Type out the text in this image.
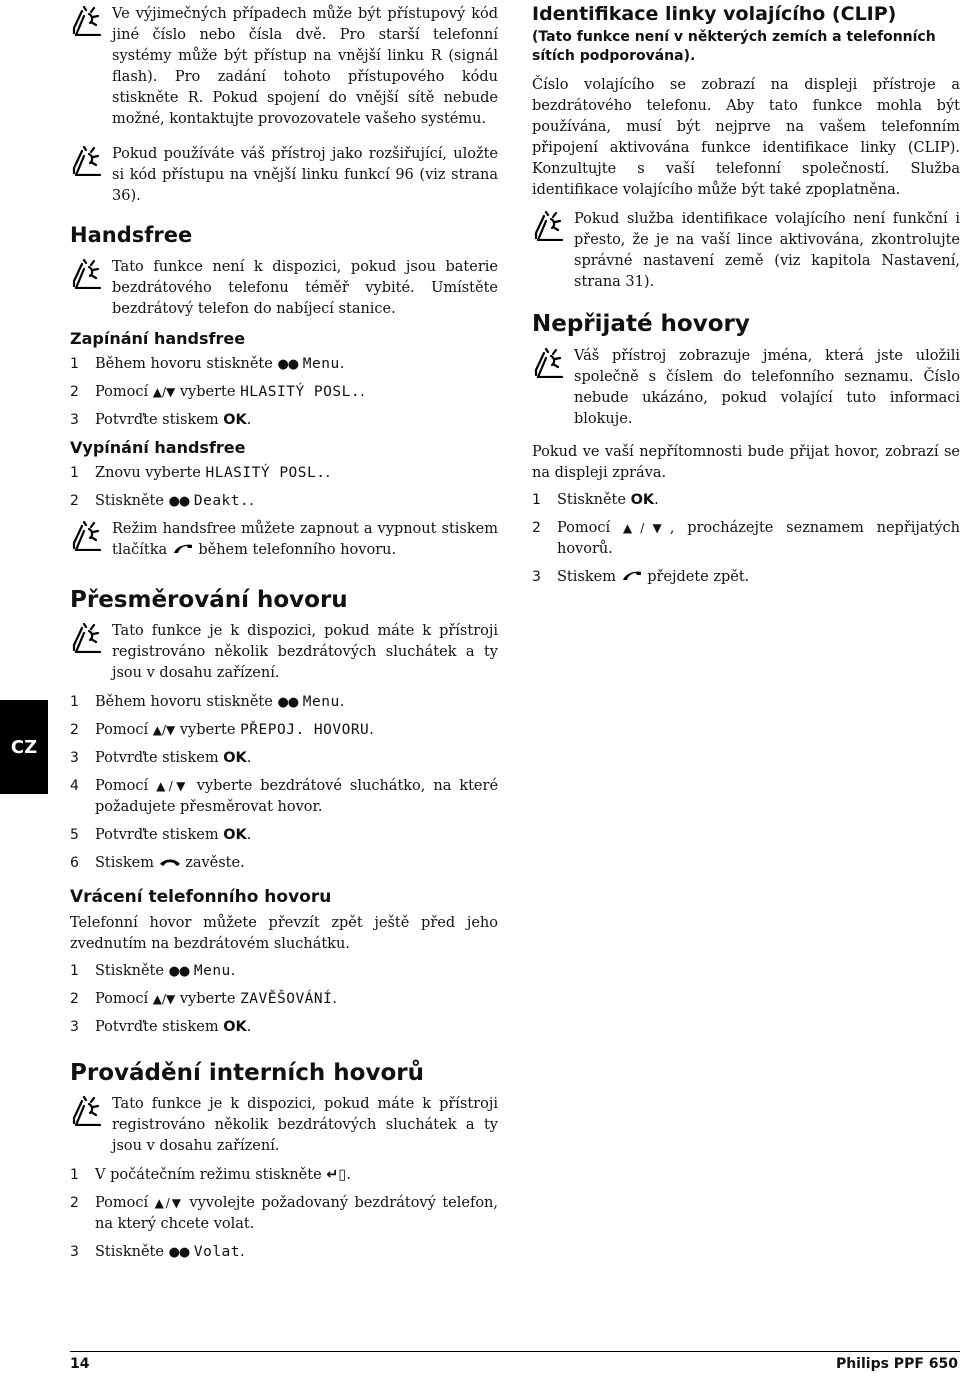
Ve výjimečných případech může být přístupový kód jiné číslo nebo čísla dvě. Pro starší telefonní systémy může být přístup na vnější linku R (signál flash). Pro zadání tohoto přístupového kódu stiskněte R. Pokud spojení do vnější sítě nebude možné, kontaktujte provozovatele vašeho systému.

Pokud používáte váš přístroj jako rozšiřující, uložte si kód přístupu na vnější linku funkcí 96 (viz strana 36).

Handsfree

Tato funkce není k dispozici, pokud jsou baterie bezdrátového telefonu téměř vybité. Umístěte bezdrátový telefon do nabíjecí stanice.

Zapínání handsfree
1 Během hovoru stiskněte ●● Menu.
2 Pomocí ▲/▼ vyberte HLASITÝ POSL..
3 Potvrďte stiskem OK.
Vypínání handsfree
1 Znovu vyberte HLASITÝ POSL..
2 Stiskněte ●● Deakt..

Režim handsfree můžete zapnout a vypnout stiskem tlačítka během telefonního hovoru.

Přesměrování hovoru

Tato funkce je k dispozici, pokud máte k přístroji registrováno několik bezdrátových sluchátek a ty jsou v dosahu zařízení.

1 Během hovoru stiskněte ●● Menu.
2 Pomocí ▲/▼ vyberte PŘEPOJ. HOVORU.
3 Potvrďte stiskem OK.
4 Pomocí ▲/▼ vyberte bezdrátové sluchátko, na které požadujete přesměrovat hovor.
5 Potvrďte stiskem OK.
6 Stiskem zavěste.
Vrácení telefonního hovoru

Telefonní hovor můžete převzít zpět ještě před jeho zvednutím na bezdrátovém sluchátku.

1 Stiskněte ●● Menu.
2 Pomocí ▲/▼ vyberte ZAVĚŠOVÁNÍ.
3 Potvrďte stiskem OK.
Provádění interních hovorů

Tato funkce je k dispozici, pokud máte k přístroji registrováno několik bezdrátových sluchátek a ty jsou v dosahu zařízení.

1 V počátečním režimu stiskněte ↵▯.
2 Pomocí ▲/▼ vyvolejte požadovaný bezdrátový telefon, na který chcete volat.
3 Stiskněte ●● Volat.
Identifikace linky volajícího (CLIP)

(Tato funkce není v některých zemích a telefonních sítích podporována).

Číslo volajícího se zobrazí na displeji přístroje a bezdrátového telefonu. Aby tato funkce mohla být používána, musí být nejprve na vašem telefonním připojení aktivována funkce identifikace linky (CLIP). Konzultujte s vaší telefonní společností. Služba identifikace volajícího může být také zpoplatněna.

Pokud služba identifikace volajícího není funkční i přesto, že je na vaší lince aktivována, zkontrolujte správné nastavení země (viz kapitola Nastavení, strana 31).

Nepřijaté hovory

Váš přístroj zobrazuje jména, která jste uložili společně s číslem do telefonního seznamu. Číslo nebude ukázáno, pokud volající tuto informaci blokuje.

Pokud ve vaší nepřítomnosti bude přijat hovor, zobrazí se na displeji zpráva.

1 Stiskněte OK.
2 Pomocí ▲/▼, procházejte seznamem nepřijatých hovorů.
3 Stiskem přejdete zpět.
CZ
14	Philips PPF 650
